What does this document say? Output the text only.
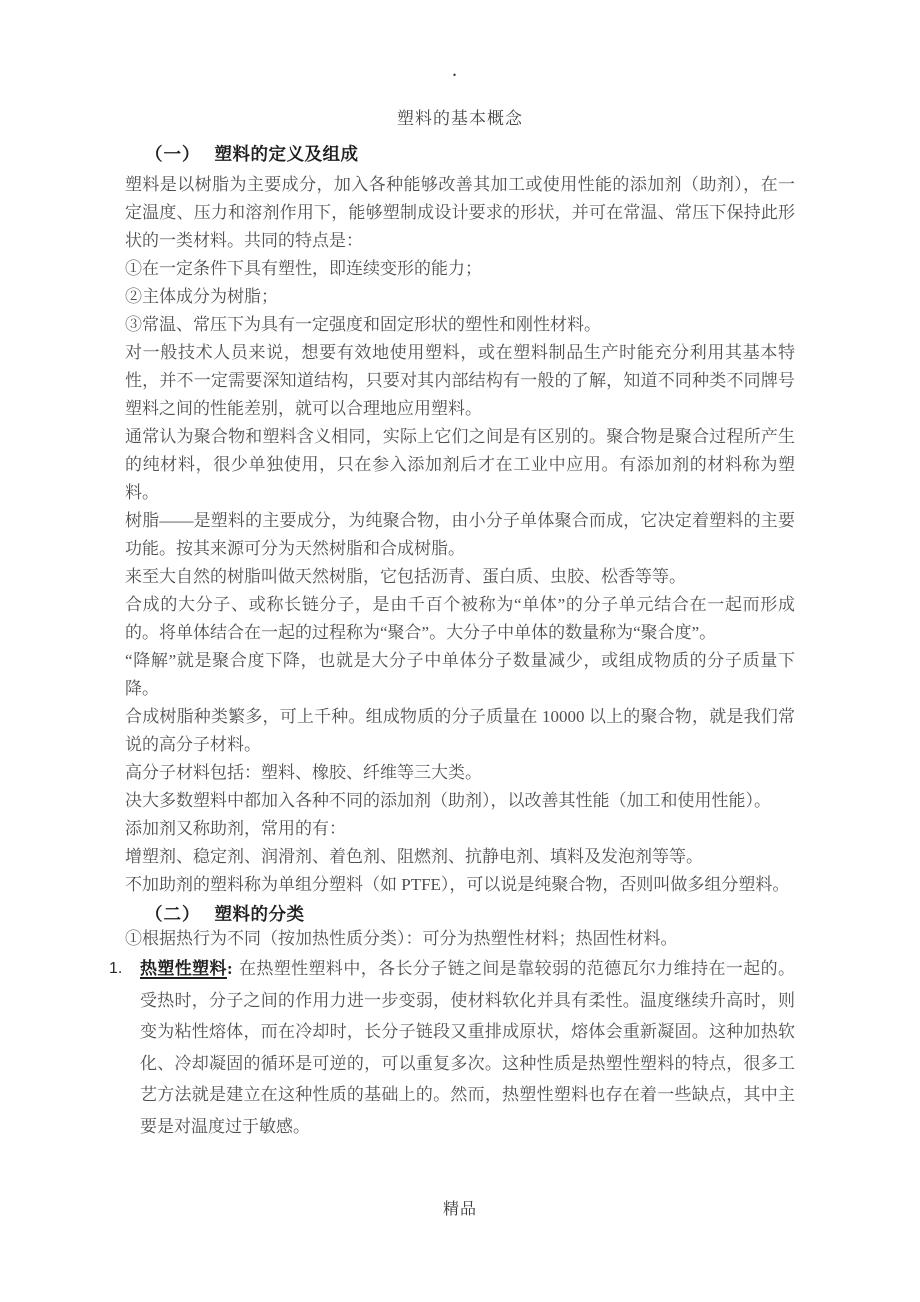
.
塑料的基本概念
（一） 塑料的定义及组成

塑料是以树脂为主要成分，加入各种能够改善其加工或使用性能的添加剂（助剂），在一定温度、压力和溶剂作用下，能够塑制成设计要求的形状，并可在常温、常压下保持此形状的一类材料。共同的特点是：

①在一定条件下具有塑性，即连续变形的能力；

②主体成分为树脂；

③常温、常压下为具有一定强度和固定形状的塑性和刚性材料。

对一般技术人员来说，想要有效地使用塑料，或在塑料制品生产时能充分利用其基本特性，并不一定需要深知道结构，只要对其内部结构有一般的了解，知道不同种类不同牌号塑料之间的性能差别，就可以合理地应用塑料。

通常认为聚合物和塑料含义相同，实际上它们之间是有区别的。聚合物是聚合过程所产生的纯材料，很少单独使用，只在参入添加剂后才在工业中应用。有添加剂的材料称为塑料。

树脂——是塑料的主要成分，为纯聚合物，由小分子单体聚合而成，它决定着塑料的主要功能。按其来源可分为天然树脂和合成树脂。

来至大自然的树脂叫做天然树脂，它包括沥青、蛋白质、虫胶、松香等等。

合成的大分子、或称长链分子，是由千百个被称为“单体”的分子单元结合在一起而形成的。将单体结合在一起的过程称为“聚合”。大分子中单体的数量称为“聚合度”。

“降解”就是聚合度下降，也就是大分子中单体分子数量减少，或组成物质的分子质量下降。

合成树脂种类繁多，可上千种。组成物质的分子质量在 10000 以上的聚合物，就是我们常说的高分子材料。

高分子材料包括：塑料、橡胶、纤维等三大类。

决大多数塑料中都加入各种不同的添加剂（助剂），以改善其性能（加工和使用性能）。

添加剂又称助剂，常用的有：

增塑剂、稳定剂、润滑剂、着色剂、阻燃剂、抗静电剂、填料及发泡剂等等。

不加助剂的塑料称为单组分塑料（如 PTFE），可以说是纯聚合物，否则叫做多组分塑料。

（二） 塑料的分类

①根据热行为不同（按加热性质分类）：可分为热塑性材料；热固性材料。

1.	热塑性塑料: 在热塑性塑料中，各长分子链之间是靠较弱的范德瓦尔力维持在一起的。受热时，分子之间的作用力进一步变弱，使材料软化并具有柔性。温度继续升高时，则变为粘性熔体，而在冷却时，长分子链段又重排成原状，熔体会重新凝固。这种加热软化、冷却凝固的循环是可逆的，可以重复多次。这种性质是热塑性塑料的特点，很多工艺方法就是建立在这种性质的基础上的。然而，热塑性塑料也存在着一些缺点，其中主要是对温度过于敏感。
精品
